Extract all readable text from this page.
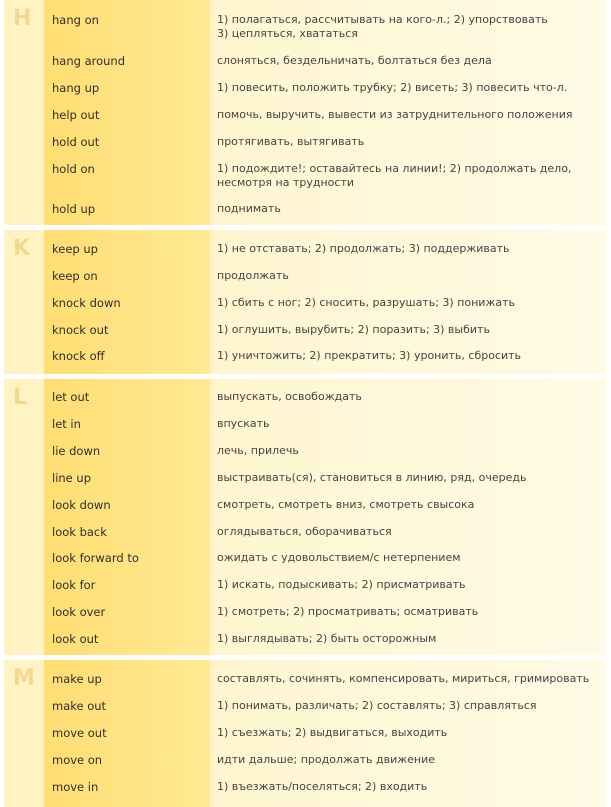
H
K
L
M
hang on	1) полагаться, рассчитывать на кого-л.; 2) упорствовать
3) цепляться, хвататься
hang around	слоняться, бездельничать, болтаться без дела
hang up	1) повесить, положить трубку; 2) висеть; 3) повесить что-л.
help out	помочь, выручить, вывести из затруднительного положения
hold out	протягивать, вытягивать
hold on	1) подождите!; оставайтесь на линии!; 2) продолжать дело,
несмотря на трудности
hold up	поднимать
keep up	1) не отставать; 2) продолжать; 3) поддерживать
keep on	продолжать
knock down	1) сбить с ног; 2) сносить, разрушать; 3) понижать
knock out	1) оглушить, вырубить; 2) поразить; 3) выбить
knock off	1) уничтожить; 2) прекратить; 3) уронить, сбросить
let out	выпускать, освобождать
let in	впускать
lie down	лечь, прилечь
line up	выстраивать(ся), становиться в линию, ряд, очередь
look down	смотреть, смотреть вниз, смотреть свысока
look back	оглядываться, оборачиваться
look forward to	ожидать с удовольствием/с нетерпением
look for	1) искать, подыскивать; 2) присматривать
look over	1) смотреть; 2) просматривать; осматривать
look out	1) выглядывать; 2) быть осторожным
make up	составлять, сочинять, компенсировать, мириться, гримировать
make out	1) понимать, различать; 2) составлять; 3) справляться
move out	1) съезжать; 2) выдвигаться, выходить
move on	идти дальше; продолжать движение
move in	1) въезжать/поселяться; 2) входить
